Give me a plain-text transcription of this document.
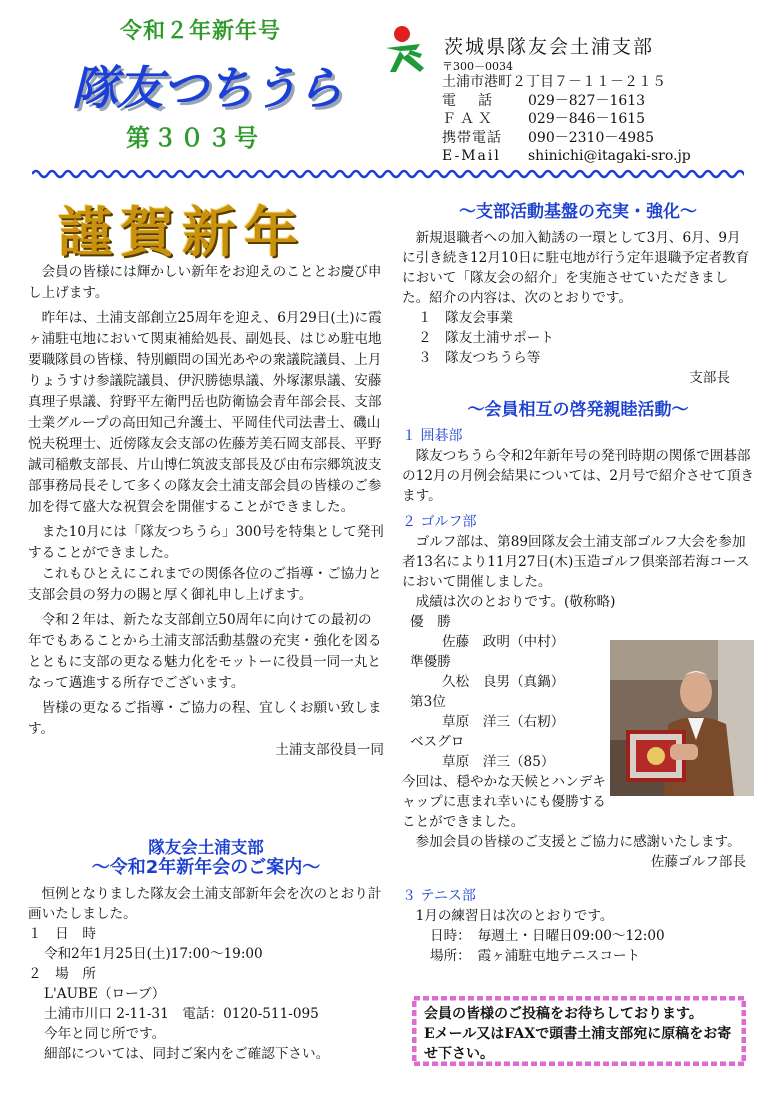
令和２年新年号
隊友つちうら
第３０３号
茨城県隊友会土浦支部
〒300－0034
土浦市港町２丁目７－１１－２１５
電　話 029－827－1613
ＦＡＸ 029－846－1615
携帯電話 090－2310－4985
E-Mail shinichi@itagaki-sro.jp
謹賀新年

会員の皆様には輝かしい新年をお迎えのこととお慶び申し上げます。

昨年は、土浦支部創立25周年を迎え、6月29日(土)に霞ヶ浦駐屯地において関東補給処長、副処長、はじめ駐屯地要職隊員の皆様、特別顧問の国光あやの衆議院議員、上月りょうすけ参議院議員、伊沢勝徳県議、外塚潔県議、安藤真理子県議、狩野平左衛門岳也防衛協会青年部会長、支部士業グループの高田知己弁護士、平岡佳代司法書士、磯山悦夫税理士、近傍隊友会支部の佐藤芳美石岡支部長、平野誠司稲敷支部長、片山博仁筑波支部長及び由布宗郷筑波支部事務局長そして多くの隊友会土浦支部会員の皆様のご参加を得て盛大な祝賀会を開催することができました。

また10月には「隊友つちうら」300号を特集として発刊することができました。

これもひとえにこれまでの関係各位のご指導・ご協力と支部会員の努力の賜と厚く御礼申し上げます。

令和２年は、新たな支部創立50周年に向けての最初の年でもあることから土浦支部活動基盤の充実・強化を図るとともに支部の更なる魅力化をモットーに役員一同一丸となって邁進する所存でございます。

皆様の更なるご指導・ご協力の程、宜しくお願い致します。

土浦支部役員一同
隊友会土浦支部
～令和2年新年会のご案内～
恒例となりました隊友会土浦支部新年会を次のとおり計画いたしました。
１　日　時
令和2年1月25日(土)17:00～19:00
２　場　所
L'AUBE（ローブ）
土浦市川口 2-11-31　電話：0120-511-095
今年と同じ所です。
細部については、同封ご案内をご確認下さい。
～支部活動基盤の充実・強化～

新規退職者への加入勧誘の一環として3月、6月、9月に引き続き12月10日に駐屯地が行う定年退職予定者教育において「隊友会の紹介」を実施させていただきました。紹介の内容は、次のとおりです。

１　隊友会事業
２　隊友土浦サポート
３　隊友つちうら等
支部長
～会員相互の啓発親睦活動～
１ 囲碁部

隊友つちうら令和2年新年号の発刊時期の関係で囲碁部の12月の月例会結果については、2月号で紹介させて頂きます。

２ ゴルフ部

ゴルフ部は、第89回隊友会土浦支部ゴルフ大会を参加者13名により11月27日(木)玉造ゴルフ倶楽部若海コースにおいて開催しました。

成績は次のとおりです。(敬称略)
優　勝
佐藤　政明（中村）
準優勝
久松　良男（真鍋）
第3位
草原　洋三（右籾）
ベスグロ
草原　洋三（85）

今回は、穏やかな天候とハンデキャップに恵まれ幸いにも優勝することができました。

参加会員の皆様のご支援とご協力に感謝いたします。

佐藤ゴルフ部長
３ テニス部
1月の練習日は次のとおりです。
日時：　毎週土・日曜日09:00～12:00
場所：　霞ヶ浦駐屯地テニスコート
会員の皆様のご投稿をお待ちしております。
Eメール又はFAXで頭書土浦支部宛に原稿をお寄せ下さい。
